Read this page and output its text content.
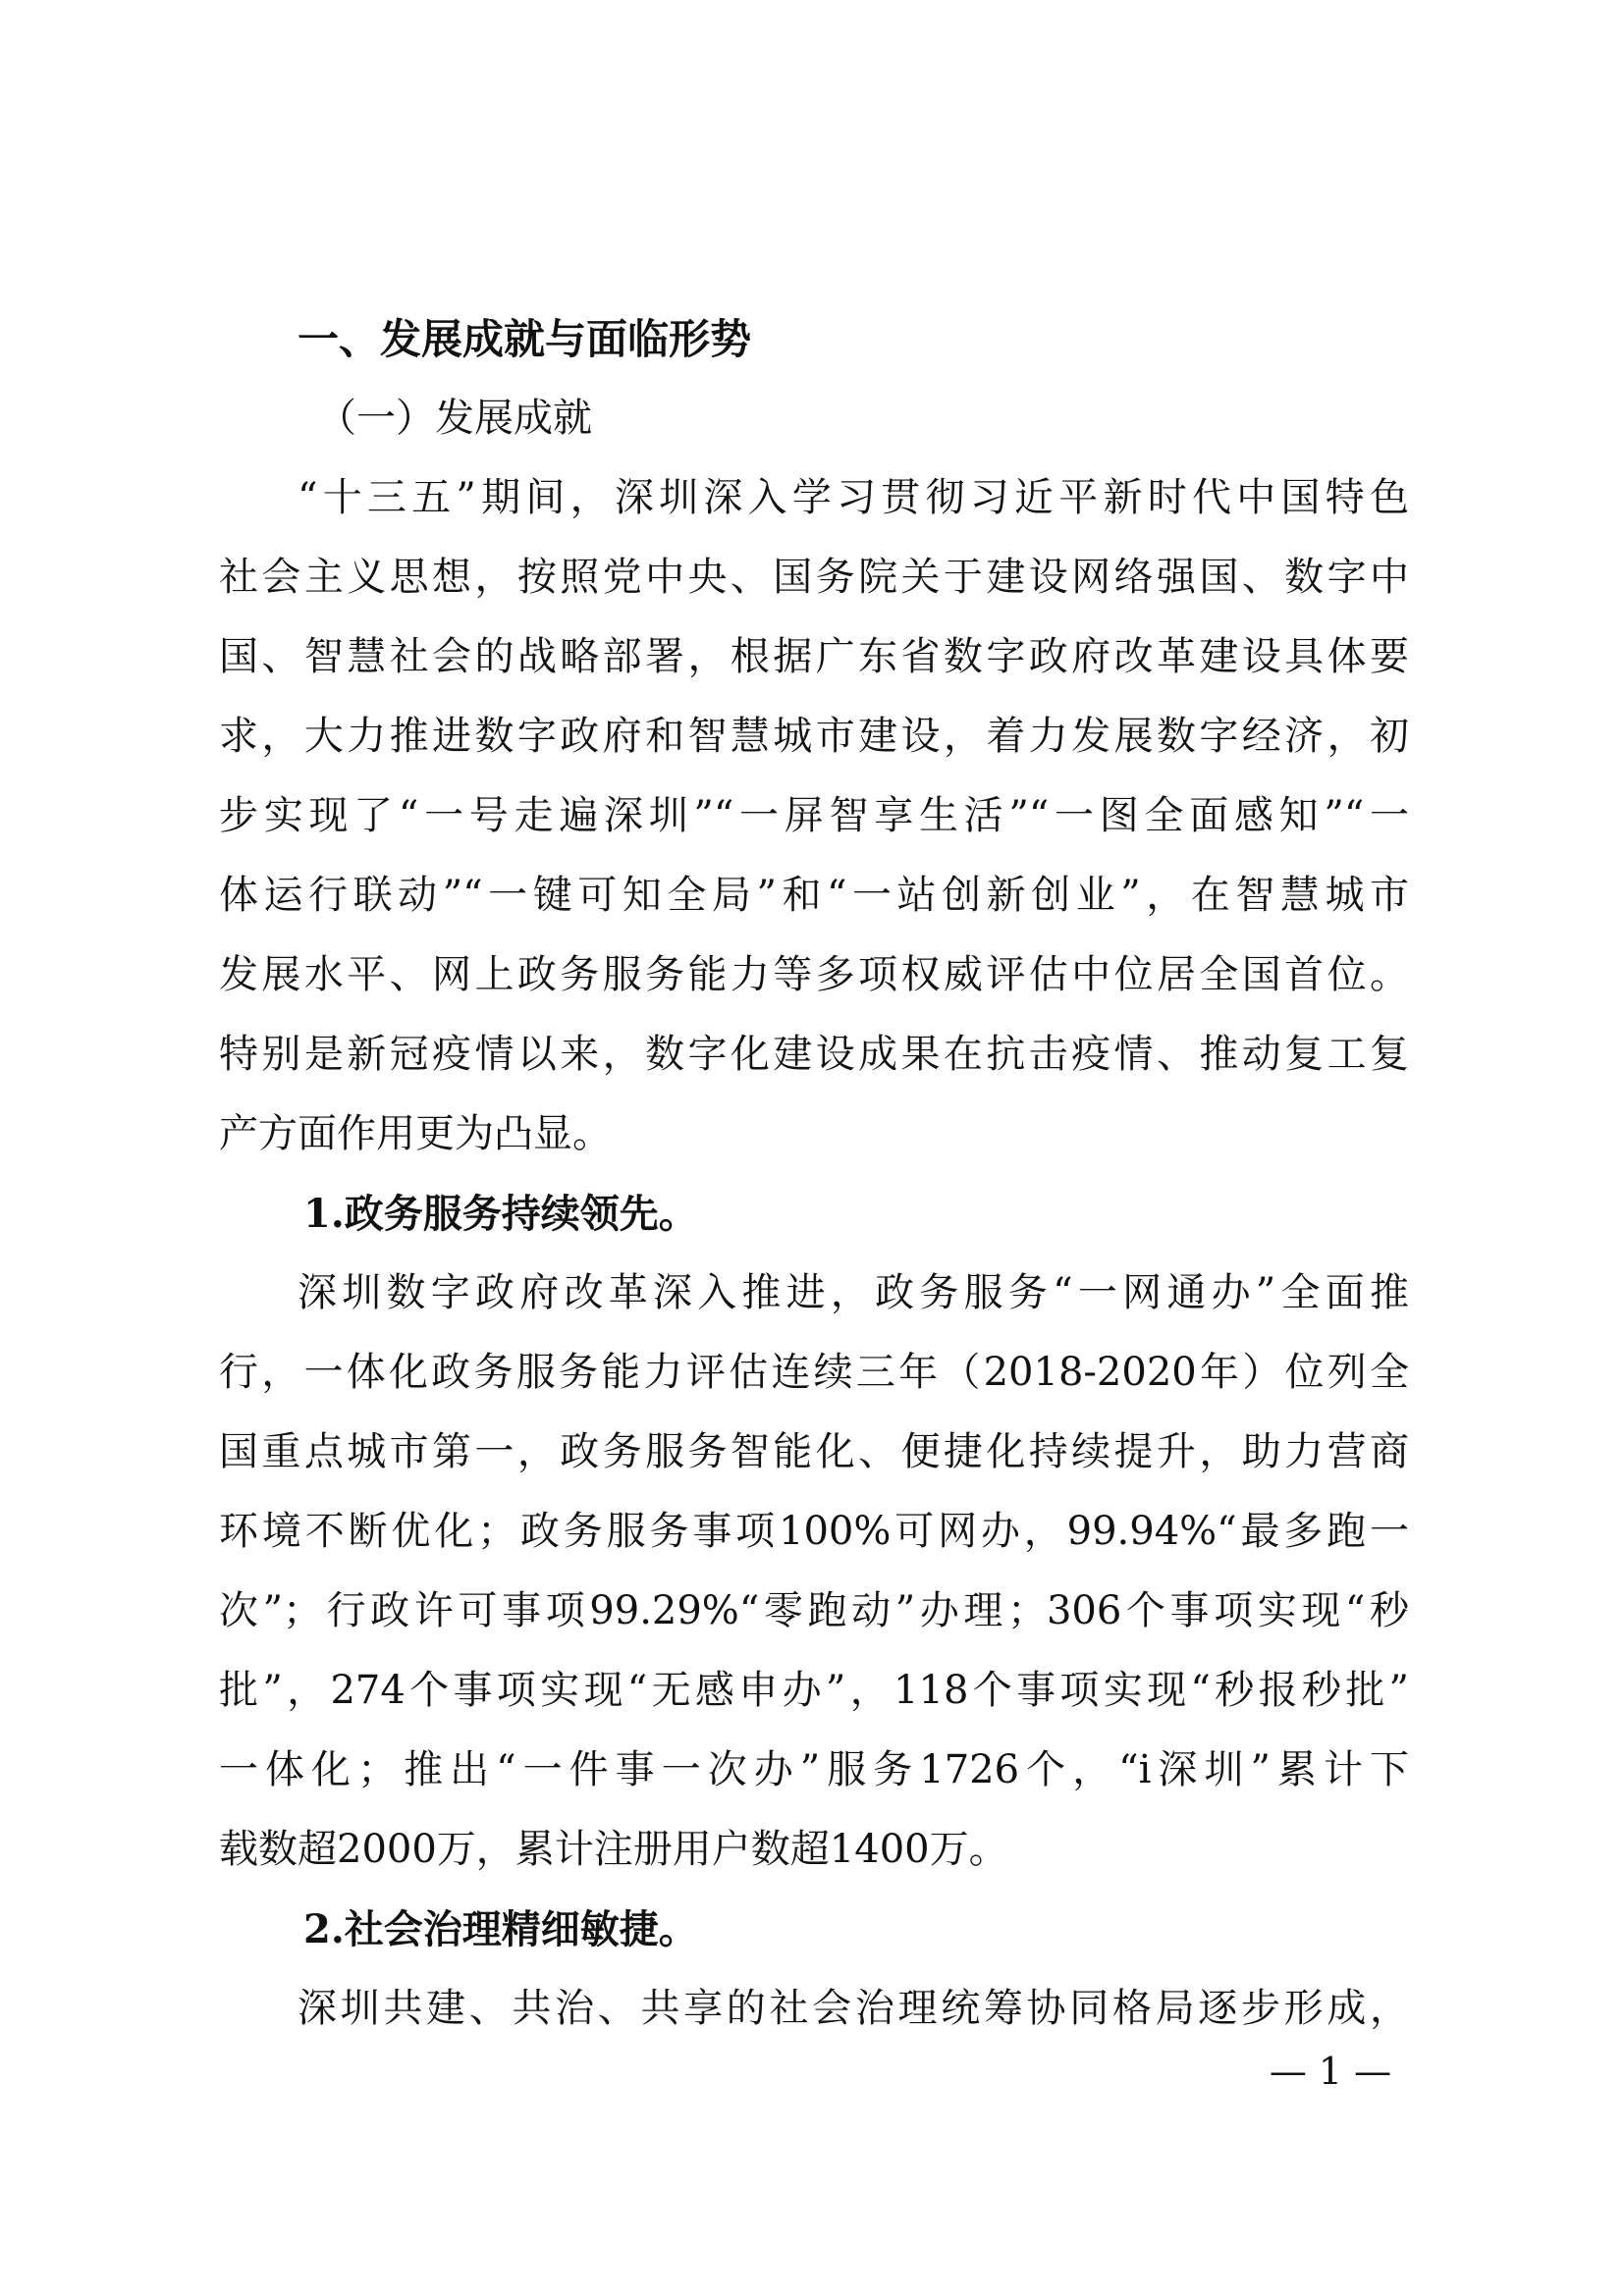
一、发展成就与面临形势
（一）发展成就
“十三五”期间，深圳深入学习贯彻习近平新时代中国特色
社会主义思想，按照党中央、国务院关于建设网络强国、数字中
国、智慧社会的战略部署，根据广东省数字政府改革建设具体要
求，大力推进数字政府和智慧城市建设，着力发展数字经济，初
步实现了“一号走遍深圳”“一屏智享生活”“一图全面感知”“一
体运行联动”“一键可知全局”和“一站创新创业”，在智慧城市
发展水平、网上政务服务能力等多项权威评估中位居全国首位。
特别是新冠疫情以来，数字化建设成果在抗击疫情、推动复工复
产方面作用更为凸显。
1.政务服务持续领先。
深圳数字政府改革深入推进，政务服务“一网通办”全面推
行，一体化政务服务能力评估连续三年（2018-2020年）位列全
国重点城市第一，政务服务智能化、便捷化持续提升，助力营商
环境不断优化；政务服务事项100%可网办，99.94%“最多跑一
次”；行政许可事项99.29%“零跑动”办理；306个事项实现“秒
批”，274个事项实现“无感申办”，118个事项实现“秒报秒批”
一体化；推出“一件事一次办”服务1726个，“i深圳”累计下
载数超2000万，累计注册用户数超1400万。
2.社会治理精细敏捷。
深圳共建、共治、共享的社会治理统筹协同格局逐步形成，
— 1 —
